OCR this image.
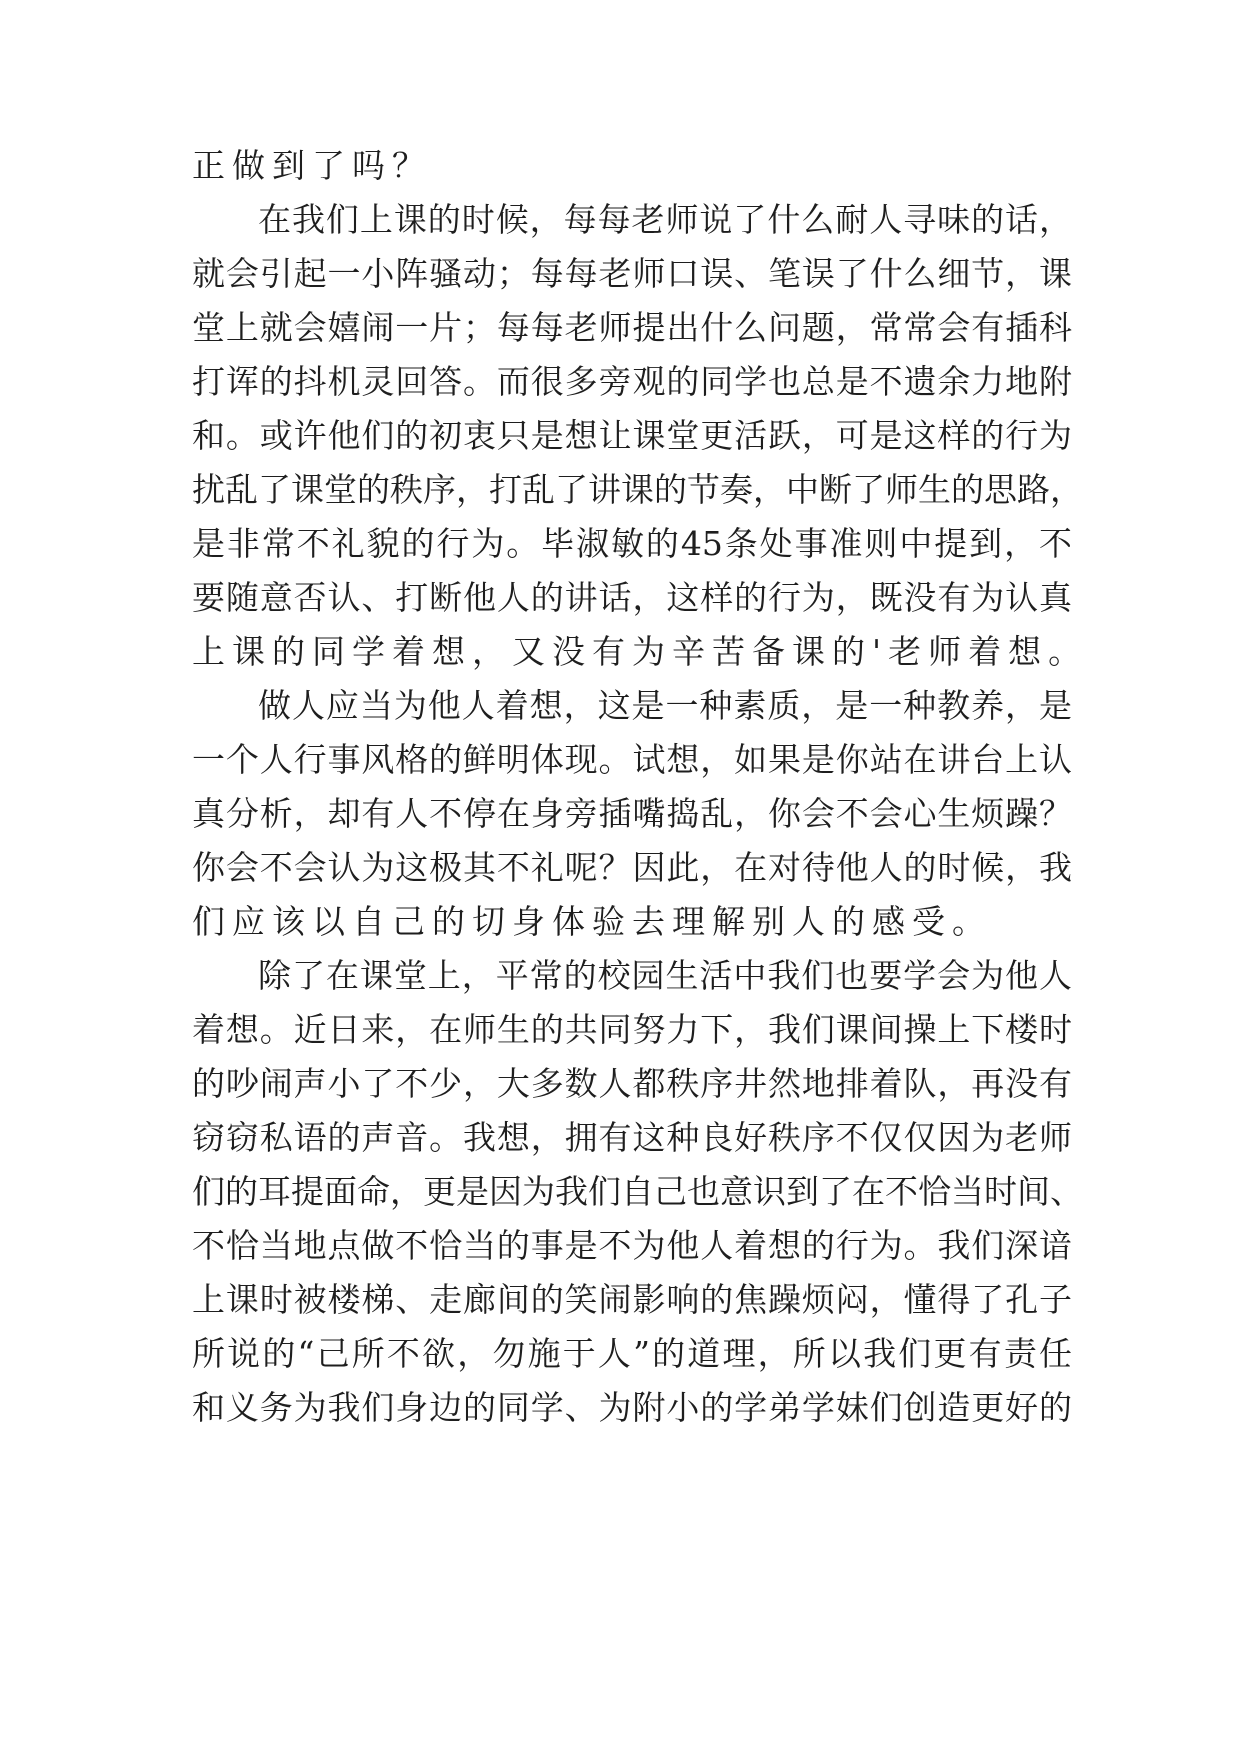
正做到了吗？
在我们上课的时候，每每老师说了什么耐人寻味的话，
就会引起一小阵骚动；每每老师口误、笔误了什么细节，课
堂上就会嬉闹一片；每每老师提出什么问题，常常会有插科
打诨的抖机灵回答。而很多旁观的同学也总是不遗余力地附
和。或许他们的初衷只是想让课堂更活跃，可是这样的行为
扰乱了课堂的秩序，打乱了讲课的节奏，中断了师生的思路，
是非常不礼貌的行为。毕淑敏的45条处事准则中提到，不
要随意否认、打断他人的讲话，这样的行为，既没有为认真
上课的同学着想，又没有为辛苦备课的'老师着想。
做人应当为他人着想，这是一种素质，是一种教养，是
一个人行事风格的鲜明体现。试想，如果是你站在讲台上认
真分析，却有人不停在身旁插嘴捣乱，你会不会心生烦躁？
你会不会认为这极其不礼呢？因此，在对待他人的时候，我
们应该以自己的切身体验去理解别人的感受。
除了在课堂上，平常的校园生活中我们也要学会为他人
着想。近日来，在师生的共同努力下，我们课间操上下楼时
的吵闹声小了不少，大多数人都秩序井然地排着队，再没有
窃窃私语的声音。我想，拥有这种良好秩序不仅仅因为老师
们的耳提面命，更是因为我们自己也意识到了在不恰当时间、
不恰当地点做不恰当的事是不为他人着想的行为。我们深谙
上课时被楼梯、走廊间的笑闹影响的焦躁烦闷，懂得了孔子
所说的“己所不欲，勿施于人”的道理，所以我们更有责任
和义务为我们身边的同学、为附小的学弟学妹们创造更好的
